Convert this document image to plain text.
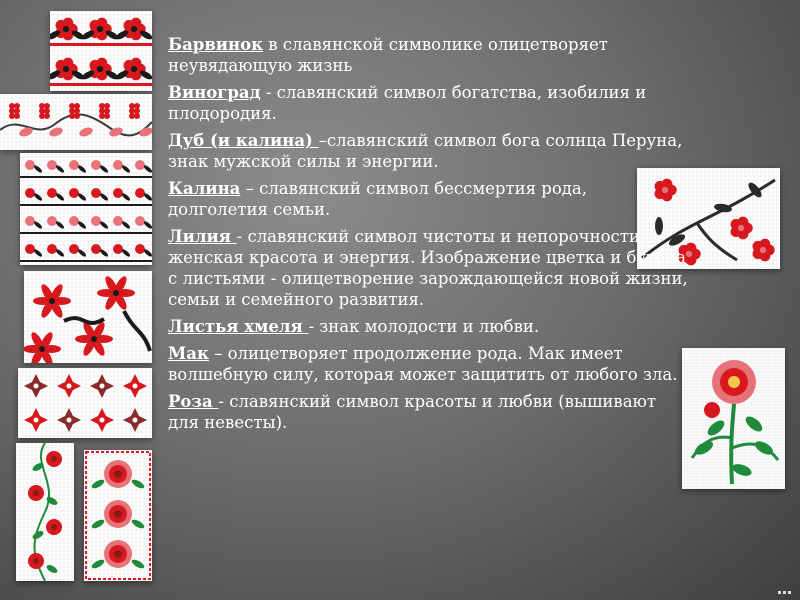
Барвинок в славянской символике олицетворяет неувядающую жизнь
Виноград - славянский символ богатства, изобилия и плодородия.
Дуб (и калина) –славянский символ бога солнца Перуна, знак мужской силы и энергии.
Калина – славянский символ бессмертия рода, долголетия семьи.
Лилия - славянский символ чистоты и непорочности, женская красота и энергия. Изображение цветка и бутона с листьями - олицетворение зарождающейся новой жизни, семьи и семейного развития.
Листья хмеля - знак молодости и любви.
Мак – олицетворяет продолжение рода. Мак имеет волшебную силу, которая может защитить от любого зла.
Роза - славянский символ красоты и любви (вышивают для невесты).
